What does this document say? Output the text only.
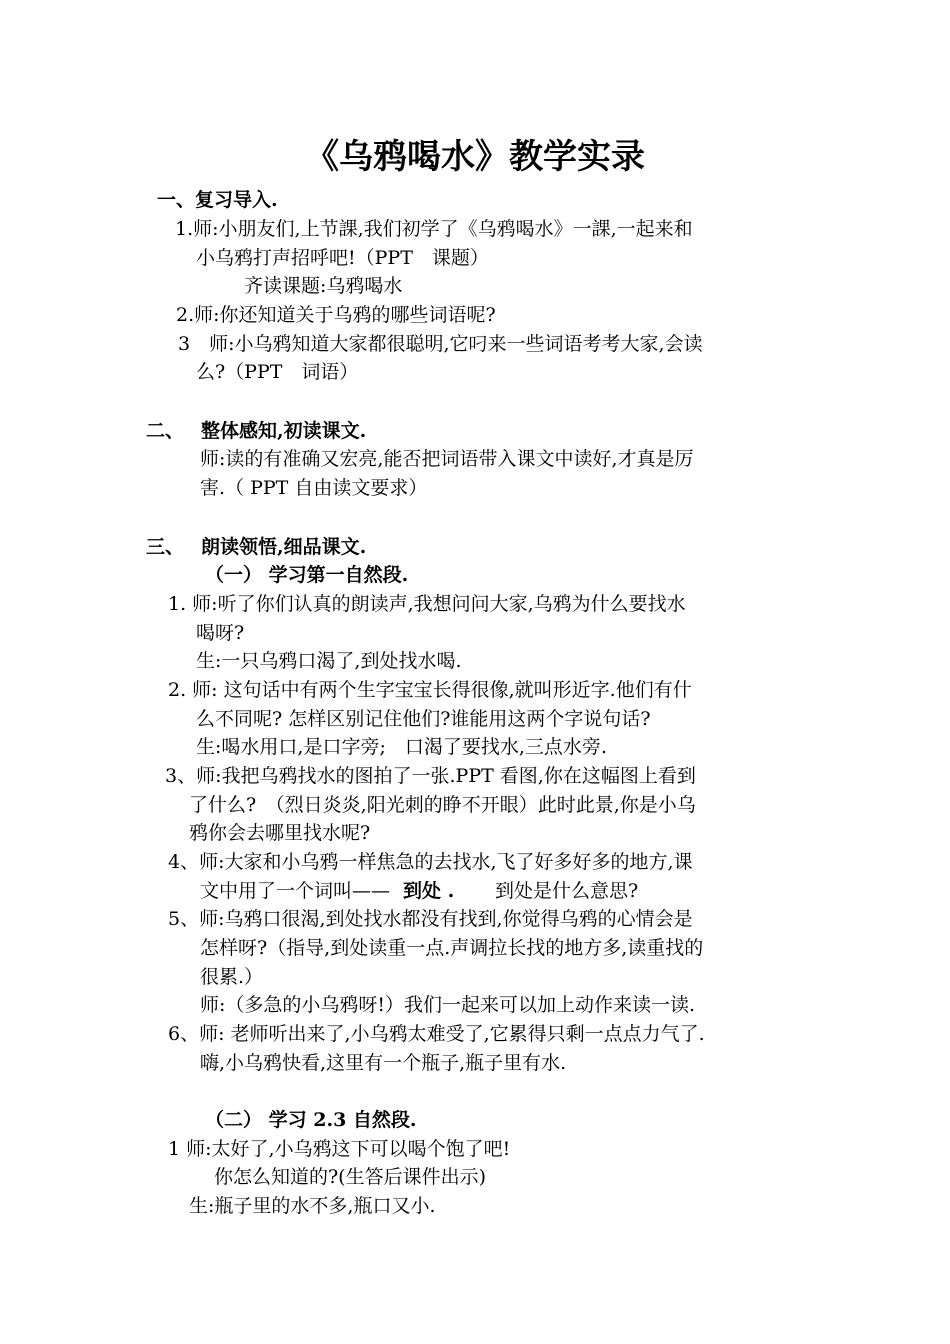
《乌鸦喝水》教学实录
一、复习导入.
1.师:小朋友们,上节課,我们初学了《乌鸦喝水》一課,一起来和
小乌鸦打声招呼吧!（PPT　课题）
齐读课题:乌鸦喝水
2.师:你还知道关于乌鸦的哪些词语呢?
3　师:小乌鸦知道大家都很聪明,它叼来一些词语考考大家,会读
么?（PPT　词语）
二、 整体感知,初读课文.
师:读的有准确又宏亮,能否把词语带入课文中读好,才真是厉
害.（ PPT 自由读文要求）
三、 朗读领悟,细品课文.
（一） 学习第一自然段.
1. 师:听了你们认真的朗读声,我想问问大家,乌鸦为什么要找水
喝呀?
生:一只乌鸦口渴了,到处找水喝.
2. 师: 这句话中有两个生字宝宝长得很像,就叫形近字.他们有什
么不同呢? 怎样区别记住他们?谁能用这两个字说句话?
生:喝水用口,是口字旁;　口渴了要找水,三点水旁.
3、师:我把乌鸦找水的图拍了一张.PPT 看图,你在这幅图上看到
了什么?　（烈日炎炎,阳光刺的睁不开眼）此时此景,你是小乌
鸦你会去哪里找水呢?
4、师:大家和小乌鸦一样焦急的去找水,飞了好多好多的地方,课
文中用了一个词叫—— 到处 . 到处是什么意思?
5、师:乌鸦口很渴,到处找水都没有找到,你觉得乌鸦的心情会是
怎样呀?（指导,到处读重一点.声调拉长找的地方多,读重找的
很累.）
师:（多急的小乌鸦呀!）我们一起来可以加上动作来读一读.
6、师: 老师听出来了,小乌鸦太难受了,它累得只剩一点点力气了.
嗨,小乌鸦快看,这里有一个瓶子,瓶子里有水.
（二） 学习 2.3 自然段.
1 师:太好了,小乌鸦这下可以喝个饱了吧!
你怎么知道的?(生答后课件出示)
生:瓶子里的水不多,瓶口又小.
